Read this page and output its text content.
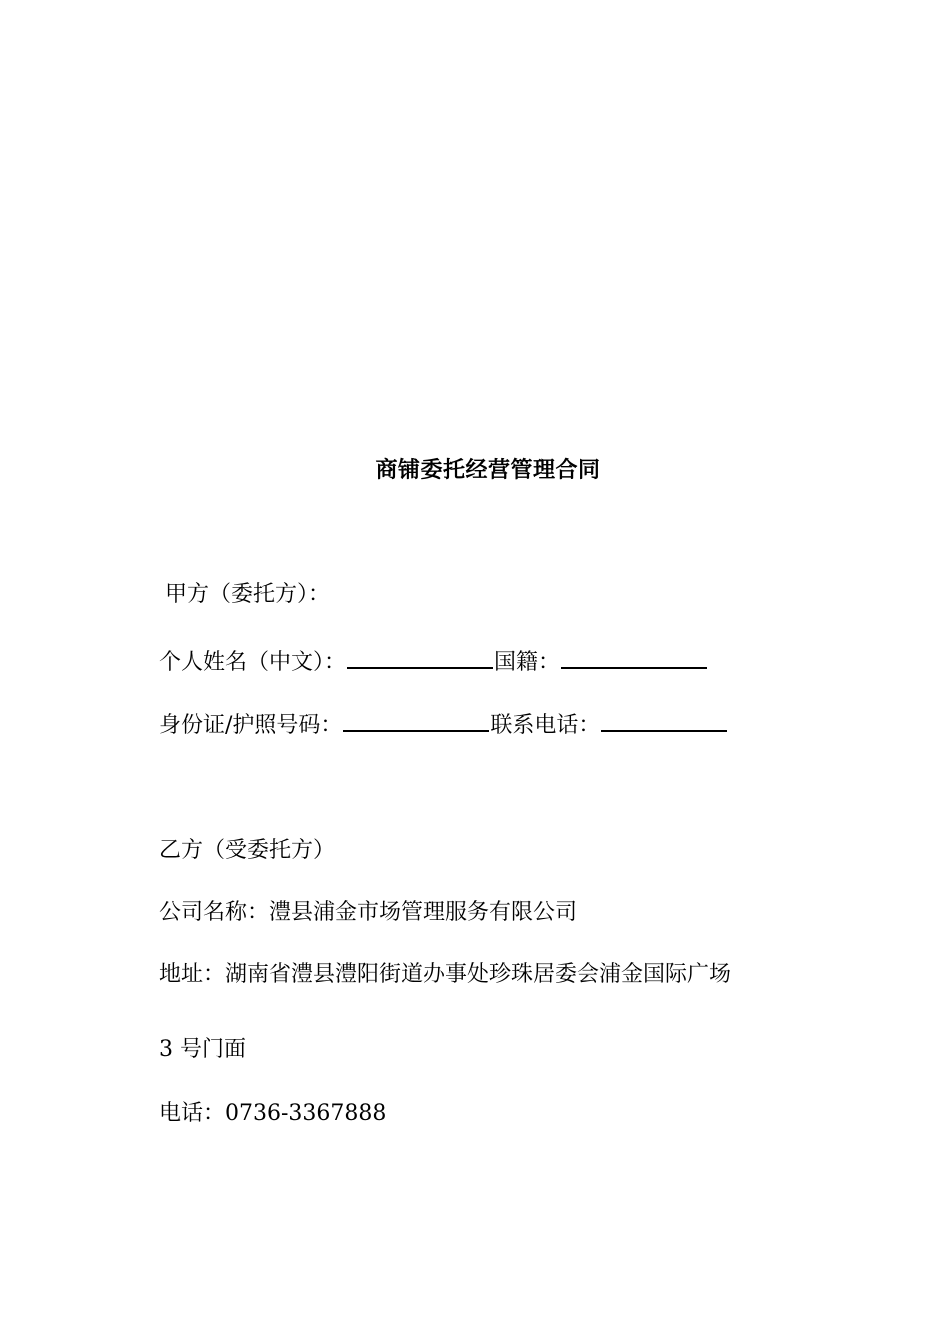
商铺委托经营管理合同
甲方（委托方）：
个人姓名（中文）：	国籍：
身份证/护照号码：	联系电话：
乙方（受委托方）
公司名称：澧县浦金市场管理服务有限公司
地址：湖南省澧县澧阳街道办事处珍珠居委会浦金国际广场
3 号门面
电话：0736-3367888
